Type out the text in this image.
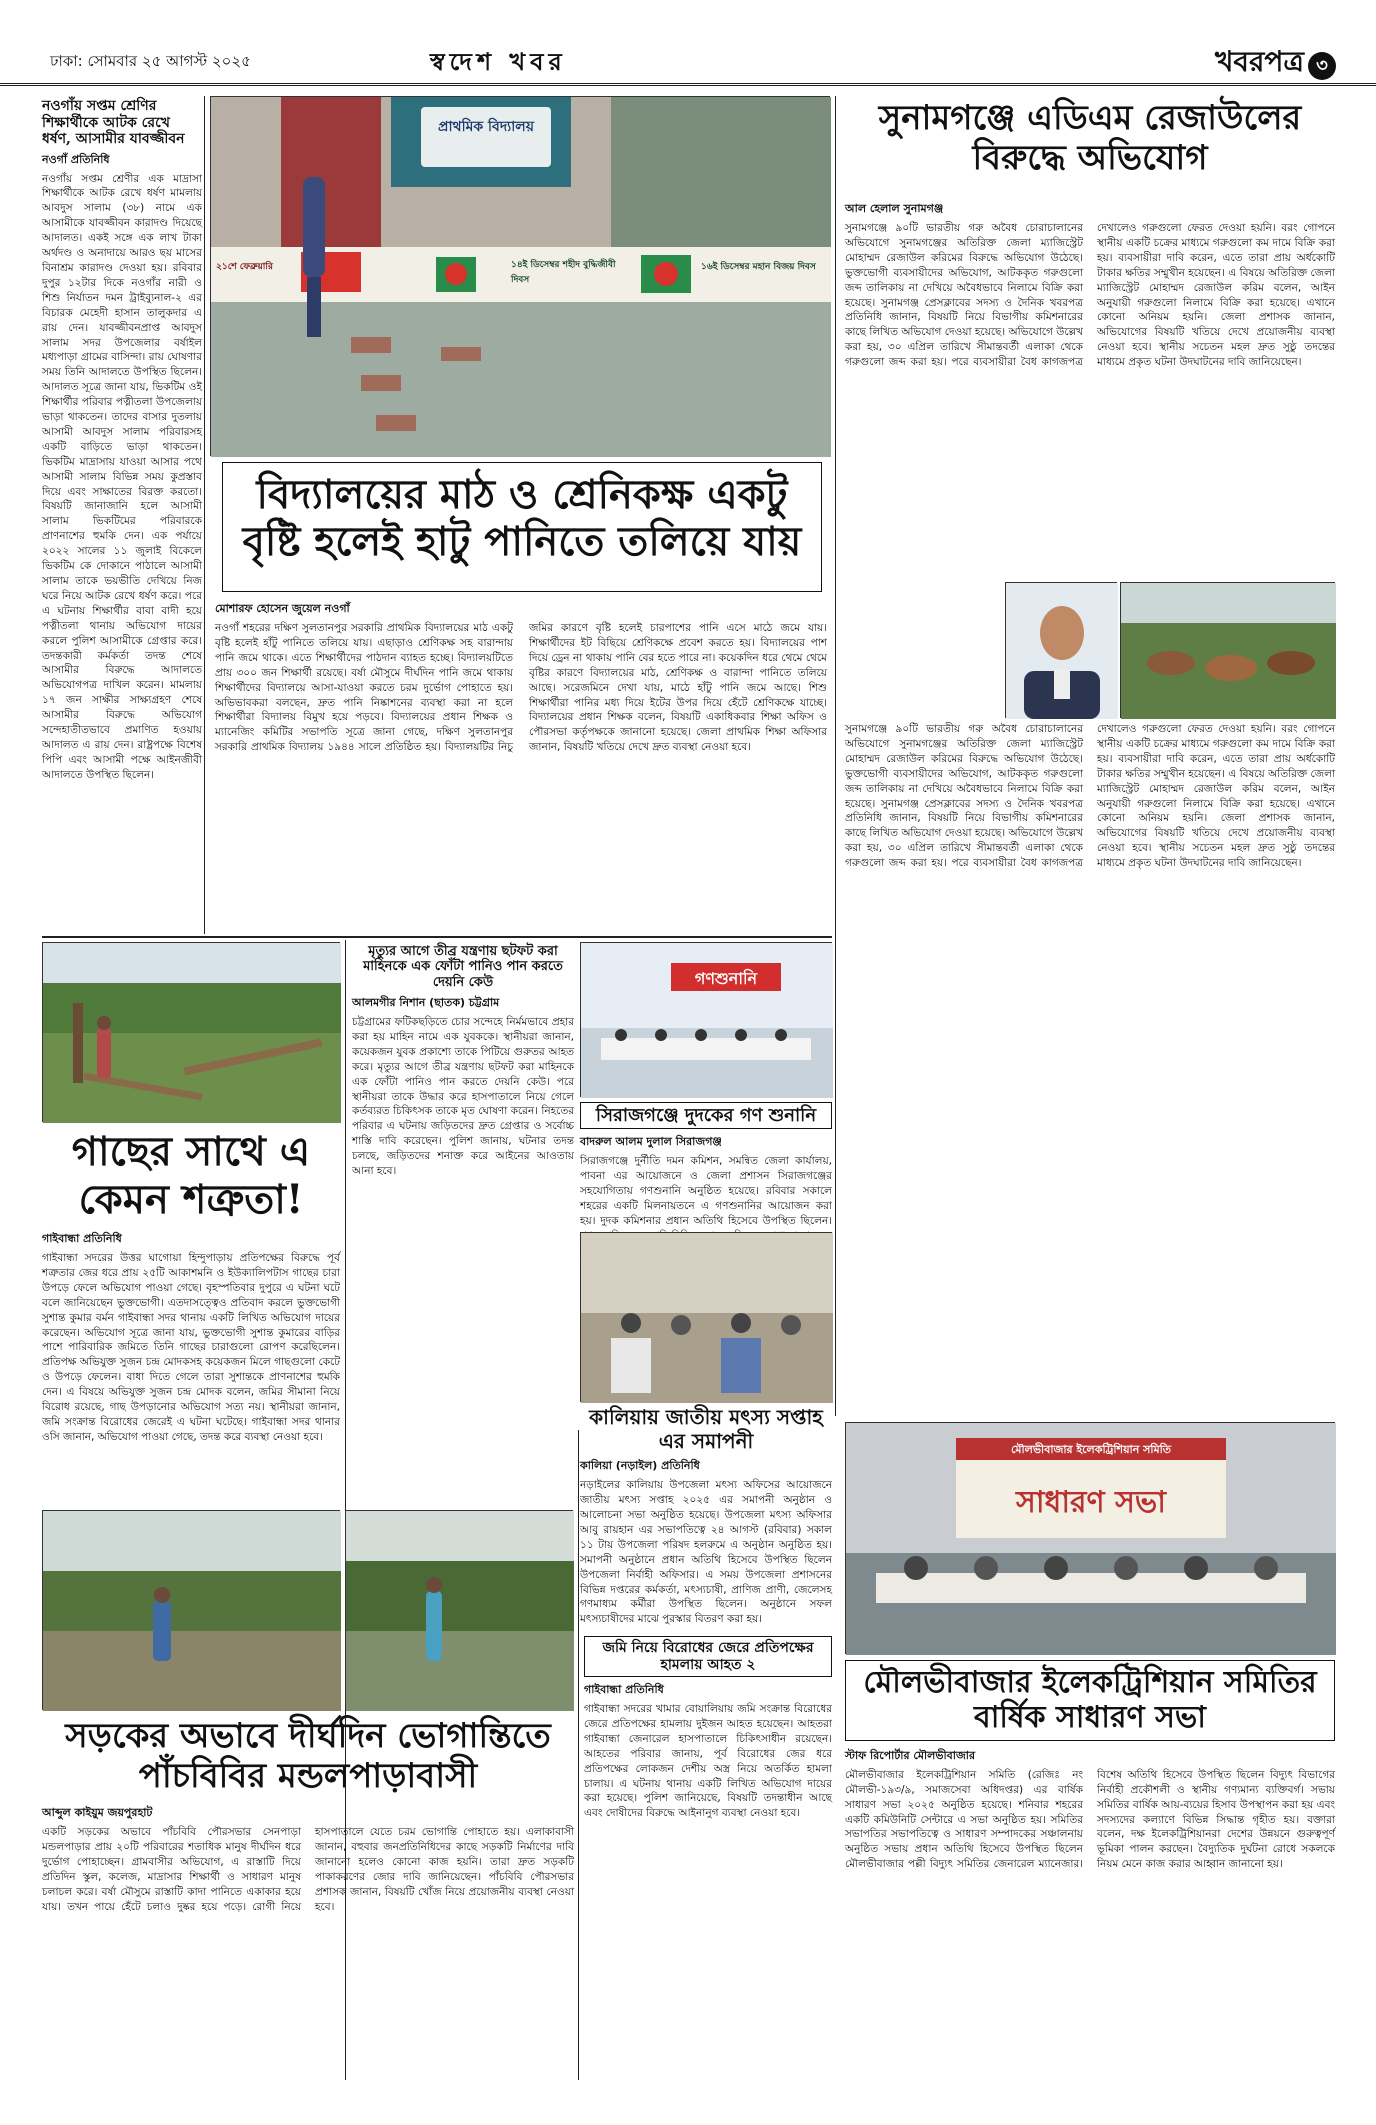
ঢাকা: সোমবার ২৫ আগস্ট ২০২৫	স্বদেশ খবর	খবরপত্র ৩
নওগাঁয় সপ্তম শ্রেণির শিক্ষার্থীকে আটক রেখে ধর্ষণ, আসামীর যাবজ্জীবন
নওগাঁ প্রতিনিধি
নওগাঁয় সপ্তম শ্রেণীর এক মাদ্রাসা শিক্ষার্থীকে আটক রেখে ধর্ষণ মামলায় আবদুস সালাম (৩৮) নামে এক আসামীকে যাবজ্জীবন কারাদণ্ড দিয়েছে আদালত। একই সঙ্গে এক লাখ টাকা অর্থদণ্ড ও অনাদায়ে আরও ছয় মাসের বিনাশ্রম কারাদণ্ড দেওয়া হয়। রবিবার দুপুর ১২টার দিকে নওগাঁর নারী ও শিশু নির্যাতন দমন ট্রাইব্যুনাল-২ এর বিচারক মেহেদী হাসান তালুকদার এ রায় দেন। যাবজ্জীবনপ্রাপ্ত আবদুস সালাম সদর উপজেলার বর্ষাইল মধ্যপাড়া গ্রামের বাসিন্দা। রায় ঘোষণার সময় তিনি আদালতে উপস্থিত ছিলেন। আদালত সূত্রে জানা যায়, ভিকটিম ওই শিক্ষার্থীর পরিবার পত্নীতলা উপজেলায় ভাড়া থাকতেন। তাদের বাসার দুতলায় আসামী আবদুস সালাম পরিবারসহ একটি বাড়িতে ভাড়া থাকতেন। ভিকটিম মাদ্রাসায় যাওয়া আসার পথে আসামী সালাম বিভিন্ন সময় কুপ্রস্তাব দিয়ে এবং সাক্ষাতের বিরক্ত করতো। বিষয়টি জানাজানি হলে আসামী সালাম ভিকটিমের পরিবারকে প্রাণনাশের হুমকি দেন। এক পর্যায়ে ২০২২ সালের ১১ জুলাই বিকেলে ভিকটিম কে দোকানে পাঠালে আসামী সালাম তাকে ভয়ভীতি দেখিয়ে নিজ ঘরে নিয়ে আটক রেখে ধর্ষণ করে। পরে এ ঘটনায় শিক্ষার্থীর বাবা বাদী হয়ে পত্নীতলা থানায় অভিযোগ দায়ের করলে পুলিশ আসামীকে গ্রেপ্তার করে। তদন্তকারী কর্মকর্তা তদন্ত শেষে আসামীর বিরুদ্ধে আদালতে অভিযোগপত্র দাখিল করেন। মামলায় ১৭ জন সাক্ষীর সাক্ষ্যগ্রহণ শেষে আসামীর বিরুদ্ধে অভিযোগ সন্দেহাতীতভাবে প্রমাণিত হওয়ায় আদালত এ রায় দেন। রাষ্ট্রপক্ষে বিশেষ পিপি এবং আসামী পক্ষে আইনজীবী আদালতে উপস্থিত ছিলেন।
প্রাথমিক বিদ্যালয়
১৪ই ডিসেম্বর শহীদ বুদ্ধিজীবী দিবস
১৬ই ডিসেম্বর মহান বিজয় দিবস
২১শে ফেব্রুয়ারি
বিদ্যালয়ের মাঠ ও শ্রেনিকক্ষ একটু বৃষ্টি হলেই হাটু পানিতে তলিয়ে যায়
মোশারফ হোসেন জুয়েল নওগাঁ
নওগাঁ শহরের দক্ষিণ সুলতানপুর সরকারি প্রাথমিক বিদ্যালয়ের মাঠ একটু বৃষ্টি হলেই হাঁটু পানিতে তলিয়ে যায়। এছাড়াও শ্রেণিকক্ষ সহ বারান্দায় পানি জমে থাকে। এতে শিক্ষার্থীদের পাঠদান ব্যাহত হচ্ছে। বিদ্যালয়টিতে প্রায় ৩০০ জন শিক্ষার্থী রয়েছে। বর্ষা মৌসুমে দীর্ঘদিন পানি জমে থাকায় শিক্ষার্থীদের বিদ্যালয়ে আসা-যাওয়া করতে চরম দুর্ভোগ পোহাতে হয়। অভিভাবকরা বলছেন, দ্রুত পানি নিষ্কাশনের ব্যবস্থা করা না হলে শিক্ষার্থীরা বিদ্যালয় বিমুখ হয়ে পড়বে। বিদ্যালয়ের প্রধান শিক্ষক ও ম্যানেজিং কমিটির সভাপতি সূত্রে জানা গেছে, দক্ষিণ সুলতানপুর সরকারি প্রাথমিক বিদ্যালয় ১৯৪৪ সালে প্রতিষ্ঠিত হয়। বিদ্যালয়টির নিচু জমির কারণে বৃষ্টি হলেই চারপাশের পানি এসে মাঠে জমে যায়। শিক্ষার্থীদের ইট বিছিয়ে শ্রেণিকক্ষে প্রবেশ করতে হয়। বিদ্যালয়ের পাশ দিয়ে ড্রেন না থাকায় পানি বের হতে পারে না। কয়েকদিন ধরে থেমে থেমে বৃষ্টির কারণে বিদ্যালয়ের মাঠ, শ্রেণিকক্ষ ও বারান্দা পানিতে তলিয়ে আছে। সরেজমিনে দেখা যায়, মাঠে হাঁটু পানি জমে আছে। শিশু শিক্ষার্থীরা পানির মধ্য দিয়ে ইটের উপর দিয়ে হেঁটে শ্রেণিকক্ষে যাচ্ছে। বিদ্যালয়ের প্রধান শিক্ষক বলেন, বিষয়টি একাধিকবার শিক্ষা অফিস ও পৌরসভা কর্তৃপক্ষকে জানানো হয়েছে। জেলা প্রাথমিক শিক্ষা অফিসার জানান, বিষয়টি খতিয়ে দেখে দ্রুত ব্যবস্থা নেওয়া হবে।
গাছের সাথে এ কেমন শত্রুতা!
গাইবান্ধা প্রতিনিধি
গাইবান্ধা সদরের উত্তর ঘাগোয়া হিন্দুপাড়ায় প্রতিপক্ষের বিরুদ্ধে পূর্ব শত্রুতার জের ধরে প্রায় ২৫টি আকাশমনি ও ইউক্যালিপটাস গাছের চারা উপড়ে ফেলে অভিযোগ পাওয়া গেছে। বৃহস্পতিবার দুপুরে এ ঘটনা ঘটে বলে জানিয়েছেন ভুক্তভোগী। এতদাসত্ত্বেও প্রতিবাদ করলে ভুক্তভোগী সুশান্ত কুমার বর্মন গাইবান্ধা সদর থানায় একটি লিখিত অভিযোগ দায়ের করেছেন। অভিযোগ সূত্রে জানা যায়, ভুক্তভোগী সুশান্ত কুমারের বাড়ির পাশে পারিবারিক জমিতে তিনি গাছের চারাগুলো রোপণ করেছিলেন। প্রতিপক্ষ অভিযুক্ত সুজন চন্দ্র মোদকসহ কয়েকজন মিলে গাছগুলো কেটে ও উপড়ে ফেলেন। বাধা দিতে গেলে তারা সুশান্তকে প্রাণনাশের হুমকি দেন। এ বিষয়ে অভিযুক্ত সুজন চন্দ্র মোদক বলেন, জমির সীমানা নিয়ে বিরোধ রয়েছে, গাছ উপড়ানোর অভিযোগ সত্য নয়। স্থানীয়রা জানান, জমি সংক্রান্ত বিরোধের জেরেই এ ঘটনা ঘটেছে। গাইবান্ধা সদর থানার ওসি জানান, অভিযোগ পাওয়া গেছে, তদন্ত করে ব্যবস্থা নেওয়া হবে।
সড়কের অভাবে দীর্ঘদিন ভোগান্তিতে পাঁচবিবির মন্ডলপাড়াবাসী
আব্দুল কাইয়ুম জয়পুরহাট
একটি সড়কের অভাবে পাঁচবিবি পৌরসভার সেনপাড়া মন্ডলপাড়ার প্রায় ২০টি পরিবারের শতাধিক মানুষ দীর্ঘদিন ধরে দুর্ভোগ পোহাচ্ছেন। গ্রামবাসীর অভিযোগ, এ রাস্তাটি দিয়ে প্রতিদিন স্কুল, কলেজ, মাদ্রাসার শিক্ষার্থী ও সাধারণ মানুষ চলাচল করে। বর্ষা মৌসুমে রাস্তাটি কাদা পানিতে একাকার হয়ে যায়। তখন পায়ে হেঁটে চলাও দুষ্কর হয়ে পড়ে। রোগী নিয়ে হাসপাতালে যেতে চরম ভোগান্তি পোহাতে হয়। এলাকাবাসী জানান, বহুবার জনপ্রতিনিধিদের কাছে সড়কটি নির্মাণের দাবি জানানো হলেও কোনো কাজ হয়নি। তারা দ্রুত সড়কটি পাকাকরণের জোর দাবি জানিয়েছেন। পাঁচবিবি পৌরসভার প্রশাসক জানান, বিষয়টি খোঁজ নিয়ে প্রয়োজনীয় ব্যবস্থা নেওয়া হবে।
মৃত্যুর আগে তীব্র যন্ত্রণায় ছটফট করা মাহিনকে এক ফোঁটা পানিও পান করতে দেয়নি কেউ
আলমগীর নিশান (ছাতক) চট্টগ্রাম
চট্টগ্রামের ফটিকছড়িতে চোর সন্দেহে নির্মমভাবে প্রহার করা হয় মাহিন নামে এক যুবককে। স্থানীয়রা জানান, কয়েকজন যুবক প্রকাশ্যে তাকে পিটিয়ে গুরুতর আহত করে। মৃত্যুর আগে তীব্র যন্ত্রণায় ছটফট করা মাহিনকে এক ফোঁটা পানিও পান করতে দেয়নি কেউ। পরে স্থানীয়রা তাকে উদ্ধার করে হাসপাতালে নিয়ে গেলে কর্তব্যরত চিকিৎসক তাকে মৃত ঘোষণা করেন। নিহতের পরিবার এ ঘটনায় জড়িতদের দ্রুত গ্রেপ্তার ও সর্বোচ্চ শাস্তি দাবি করেছেন। পুলিশ জানায়, ঘটনার তদন্ত চলছে, জড়িতদের শনাক্ত করে আইনের আওতায় আনা হবে।
গণশুনানি
সিরাজগঞ্জে দুদকের গণ শুনানি
বাদরুল আলম দুলাল সিরাজগঞ্জ
সিরাজগঞ্জে দুর্নীতি দমন কমিশন, সমন্বিত জেলা কার্যালয়, পাবনা এর আয়োজনে ও জেলা প্রশাসন সিরাজগঞ্জের সহযোগিতায় গণশুনানি অনুষ্ঠিত হয়েছে। রবিবার সকালে শহরের একটি মিলনায়তনে এ গণশুনানির আয়োজন করা হয়। দুদক কমিশনার প্রধান অতিথি হিসেবে উপস্থিত ছিলেন।
কালিয়ায় জাতীয় মৎস্য সপ্তাহ এর সমাপনী
কালিয়া (নড়াইল) প্রতিনিধি
নড়াইলের কালিয়ায় উপজেলা মৎস্য অফিসের আয়োজনে জাতীয় মৎস্য সপ্তাহ ২০২৫ এর সমাপনী অনুষ্ঠান ও আলোচনা সভা অনুষ্ঠিত হয়েছে। উপজেলা মৎস্য অফিসার আবু রায়হান এর সভাপতিত্বে ২৪ আগস্ট (রবিবার) সকাল ১১ টায় উপজেলা পরিষদ হলরুমে এ অনুষ্ঠান অনুষ্ঠিত হয়। সমাপনী অনুষ্ঠানে প্রধান অতিথি হিসেবে উপস্থিত ছিলেন উপজেলা নির্বাহী অফিসার। এ সময় উপজেলা প্রশাসনের বিভিন্ন দপ্তরের কর্মকর্তা, মৎস্যচাষী, প্রাণিজ প্রাণী, জেলেসহ গণমাধ্যম কর্মীরা উপস্থিত ছিলেন। অনুষ্ঠানে সফল মৎস্যচাষীদের মাঝে পুরস্কার বিতরণ করা হয়।
জমি নিয়ে বিরোধের জেরে প্রতিপক্ষের হামলায় আহত ২
গাইবান্ধা প্রতিনিধি
গাইবান্ধা সদরের খামার বোয়ালিয়ায় জমি সংক্রান্ত বিরোধের জেরে প্রতিপক্ষের হামলায় দুইজন আহত হয়েছেন। আহতরা গাইবান্ধা জেনারেল হাসপাতালে চিকিৎসাধীন রয়েছেন। আহতের পরিবার জানায়, পূর্ব বিরোধের জের ধরে প্রতিপক্ষের লোকজন দেশীয় অস্ত্র নিয়ে অতর্কিত হামলা চালায়। এ ঘটনায় থানায় একটি লিখিত অভিযোগ দায়ের করা হয়েছে। পুলিশ জানিয়েছে, বিষয়টি তদন্তাধীন আছে এবং দোষীদের বিরুদ্ধে আইনানুগ ব্যবস্থা নেওয়া হবে।
সুনামগঞ্জে এডিএম রেজাউলের বিরুদ্ধে অভিযোগ
আল হেলাল সুনামগঞ্জ
সুনামগঞ্জে ৯০টি ভারতীয় গরু অবৈধ চোরাচালানের অভিযোগে সুনামগঞ্জের অতিরিক্ত জেলা ম্যাজিস্ট্রেট মোহাম্মদ রেজাউল করিমের বিরুদ্ধে অভিযোগ উঠেছে। ভুক্তভোগী ব্যবসায়ীদের অভিযোগ, আটককৃত গরুগুলো জব্দ তালিকায় না দেখিয়ে অবৈধভাবে নিলামে বিক্রি করা হয়েছে। সুনামগঞ্জ প্রেসক্লাবের সদস্য ও দৈনিক খবরপত্র প্রতিনিধি জানান, বিষয়টি নিয়ে বিভাগীয় কমিশনারের কাছে লিখিত অভিযোগ দেওয়া হয়েছে। অভিযোগে উল্লেখ করা হয়, ৩০ এপ্রিল তারিখে সীমান্তবর্তী এলাকা থেকে গরুগুলো জব্দ করা হয়। পরে ব্যবসায়ীরা বৈধ কাগজপত্র দেখালেও গরুগুলো ফেরত দেওয়া হয়নি। বরং গোপনে স্থানীয় একটি চক্রের মাধ্যমে গরুগুলো কম দামে বিক্রি করা হয়। ব্যবসায়ীরা দাবি করেন, এতে তারা প্রায় অর্ধকোটি টাকার ক্ষতির সম্মুখীন হয়েছেন। এ বিষয়ে অতিরিক্ত জেলা ম্যাজিস্ট্রেট মোহাম্মদ রেজাউল করিম বলেন, আইন অনুযায়ী গরুগুলো নিলামে বিক্রি করা হয়েছে। এখানে কোনো অনিয়ম হয়নি। জেলা প্রশাসক জানান, অভিযোগের বিষয়টি খতিয়ে দেখে প্রয়োজনীয় ব্যবস্থা নেওয়া হবে। স্থানীয় সচেতন মহল দ্রুত সুষ্ঠু তদন্তের মাধ্যমে প্রকৃত ঘটনা উদঘাটনের দাবি জানিয়েছেন।
সুনামগঞ্জে ৯০টি ভারতীয় গরু অবৈধ চোরাচালানের অভিযোগে সুনামগঞ্জের অতিরিক্ত জেলা ম্যাজিস্ট্রেট মোহাম্মদ রেজাউল করিমের বিরুদ্ধে অভিযোগ উঠেছে। ভুক্তভোগী ব্যবসায়ীদের অভিযোগ, আটককৃত গরুগুলো জব্দ তালিকায় না দেখিয়ে অবৈধভাবে নিলামে বিক্রি করা হয়েছে। সুনামগঞ্জ প্রেসক্লাবের সদস্য ও দৈনিক খবরপত্র প্রতিনিধি জানান, বিষয়টি নিয়ে বিভাগীয় কমিশনারের কাছে লিখিত অভিযোগ দেওয়া হয়েছে। অভিযোগে উল্লেখ করা হয়, ৩০ এপ্রিল তারিখে সীমান্তবর্তী এলাকা থেকে গরুগুলো জব্দ করা হয়। পরে ব্যবসায়ীরা বৈধ কাগজপত্র দেখালেও গরুগুলো ফেরত দেওয়া হয়নি। বরং গোপনে স্থানীয় একটি চক্রের মাধ্যমে গরুগুলো কম দামে বিক্রি করা হয়। ব্যবসায়ীরা দাবি করেন, এতে তারা প্রায় অর্ধকোটি টাকার ক্ষতির সম্মুখীন হয়েছেন। এ বিষয়ে অতিরিক্ত জেলা ম্যাজিস্ট্রেট মোহাম্মদ রেজাউল করিম বলেন, আইন অনুযায়ী গরুগুলো নিলামে বিক্রি করা হয়েছে। এখানে কোনো অনিয়ম হয়নি। জেলা প্রশাসক জানান, অভিযোগের বিষয়টি খতিয়ে দেখে প্রয়োজনীয় ব্যবস্থা নেওয়া হবে। স্থানীয় সচেতন মহল দ্রুত সুষ্ঠু তদন্তের মাধ্যমে প্রকৃত ঘটনা উদঘাটনের দাবি জানিয়েছেন।
মৌলভীবাজার ইলেকট্রিশিয়ান সমিতি
সাধারণ সভা
মৌলভীবাজার ইলেকট্রিশিয়ান সমিতির বার্ষিক সাধারণ সভা
স্টাফ রিপোর্টার মৌলভীবাজার
মৌলভীবাজার ইলেকট্রিশিয়ান সমিতি (রেজিঃ নং মৌলভী-১৯৩/৯, সমাজসেবা অধিদপ্তর) এর বার্ষিক সাধারণ সভা ২০২৫ অনুষ্ঠিত হয়েছে। শনিবার শহরের একটি কমিউনিটি সেন্টারে এ সভা অনুষ্ঠিত হয়। সমিতির সভাপতির সভাপতিত্বে ও সাধারণ সম্পাদকের সঞ্চালনায় অনুষ্ঠিত সভায় প্রধান অতিথি হিসেবে উপস্থিত ছিলেন মৌলভীবাজার পল্লী বিদ্যুৎ সমিতির জেনারেল ম্যানেজার। বিশেষ অতিথি হিসেবে উপস্থিত ছিলেন বিদ্যুৎ বিভাগের নির্বাহী প্রকৌশলী ও স্থানীয় গণ্যমান্য ব্যক্তিবর্গ। সভায় সমিতির বার্ষিক আয়-ব্যয়ের হিসাব উপস্থাপন করা হয় এবং সদস্যদের কল্যাণে বিভিন্ন সিদ্ধান্ত গৃহীত হয়। বক্তারা বলেন, দক্ষ ইলেকট্রিশিয়ানরা দেশের উন্নয়নে গুরুত্বপূর্ণ ভূমিকা পালন করছেন। বৈদ্যুতিক দুর্ঘটনা রোধে সকলকে নিয়ম মেনে কাজ করার আহ্বান জানানো হয়।
